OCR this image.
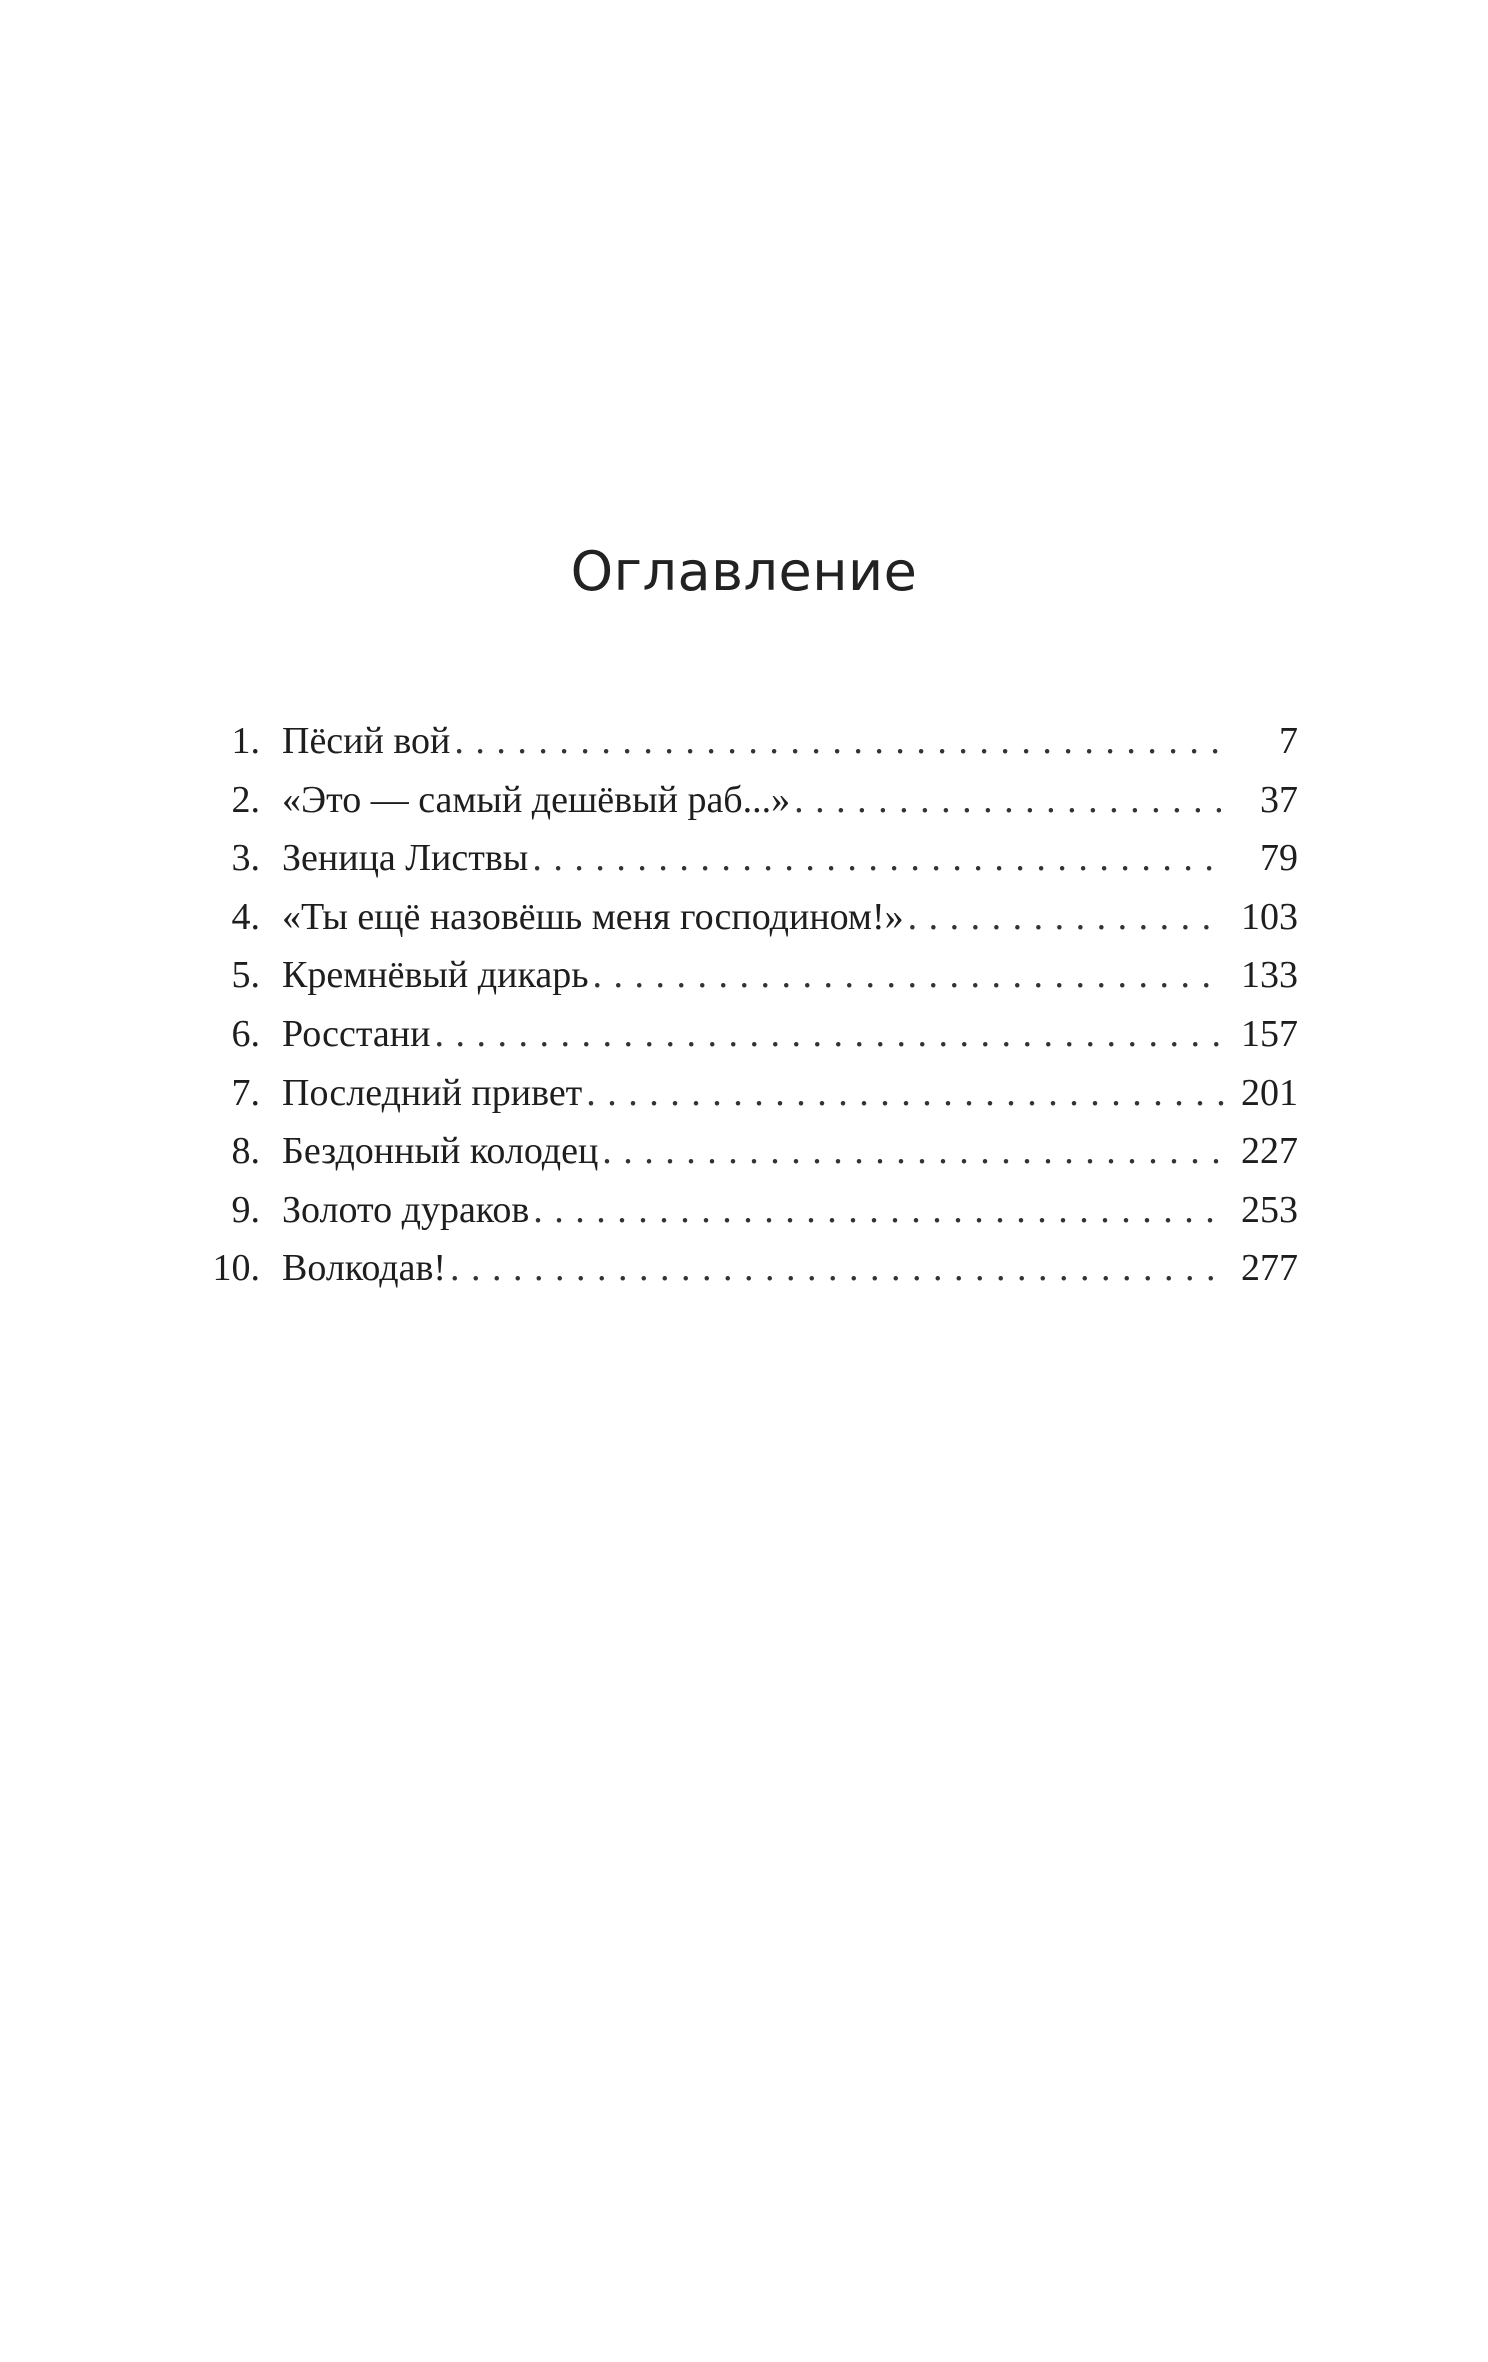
Оглавление
1. Пёсий вой . . .	7
2. «Это — самый дешёвый раб...» . . .	37
3. Зеница Листвы . . .	79
4. «Ты ещё назовёшь меня господином!» . . .	103
5. Кремнёвый дикарь . . .	133
6. Росстани . . .	157
7. Последний привет . . .	201
8. Бездонный колодец . . .	227
9. Золото дураков . . .	253
10. Волкодав! . . .	277
